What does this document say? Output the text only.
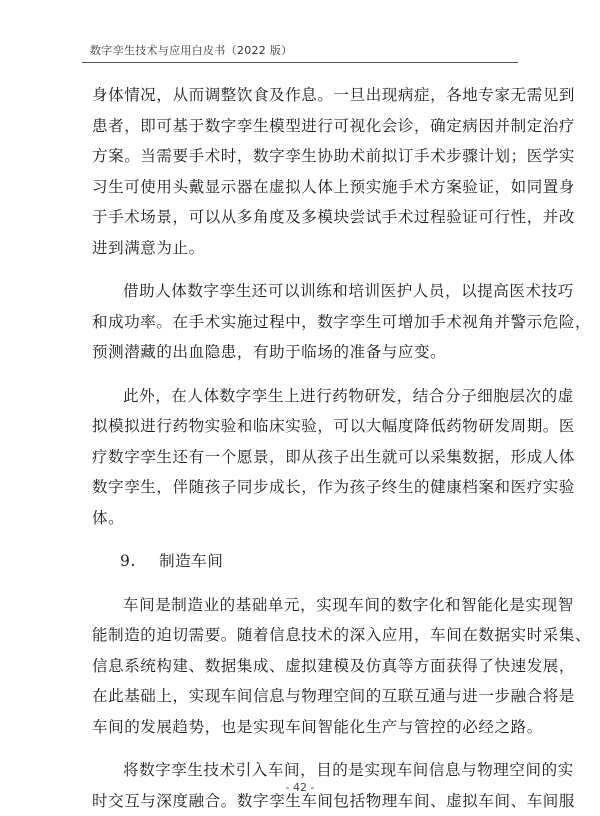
数字孪生技术与应用白皮书（2022 版）
身体情况，从而调整饮食及作息。一旦出现病症，各地专家无需见到
患者，即可基于数字孪生模型进行可视化会诊，确定病因并制定治疗
方案。当需要手术时，数字孪生协助术前拟订手术步骤计划；医学实
习生可使用头戴显示器在虚拟人体上预实施手术方案验证，如同置身
于手术场景，可以从多角度及多模块尝试手术过程验证可行性，并改
进到满意为止。
借助人体数字孪生还可以训练和培训医护人员，以提高医术技巧
和成功率。在手术实施过程中，数字孪生可增加手术视角并警示危险，
预测潜藏的出血隐患，有助于临场的准备与应变。
此外，在人体数字孪生上进行药物研发，结合分子细胞层次的虚
拟模拟进行药物实验和临床实验，可以大幅度降低药物研发周期。医
疗数字孪生还有一个愿景，即从孩子出生就可以采集数据，形成人体
数字孪生，伴随孩子同步成长，作为孩子终生的健康档案和医疗实验
体。
9. 制造车间
车间是制造业的基础单元，实现车间的数字化和智能化是实现智
能制造的迫切需要。随着信息技术的深入应用，车间在数据实时采集、
信息系统构建、数据集成、虚拟建模及仿真等方面获得了快速发展，
在此基础上，实现车间信息与物理空间的互联互通与进一步融合将是
车间的发展趋势，也是实现车间智能化生产与管控的必经之路。
将数字孪生技术引入车间，目的是实现车间信息与物理空间的实
时交互与深度融合。数字孪生车间包括物理车间、虚拟车间、车间服
- 42 -
